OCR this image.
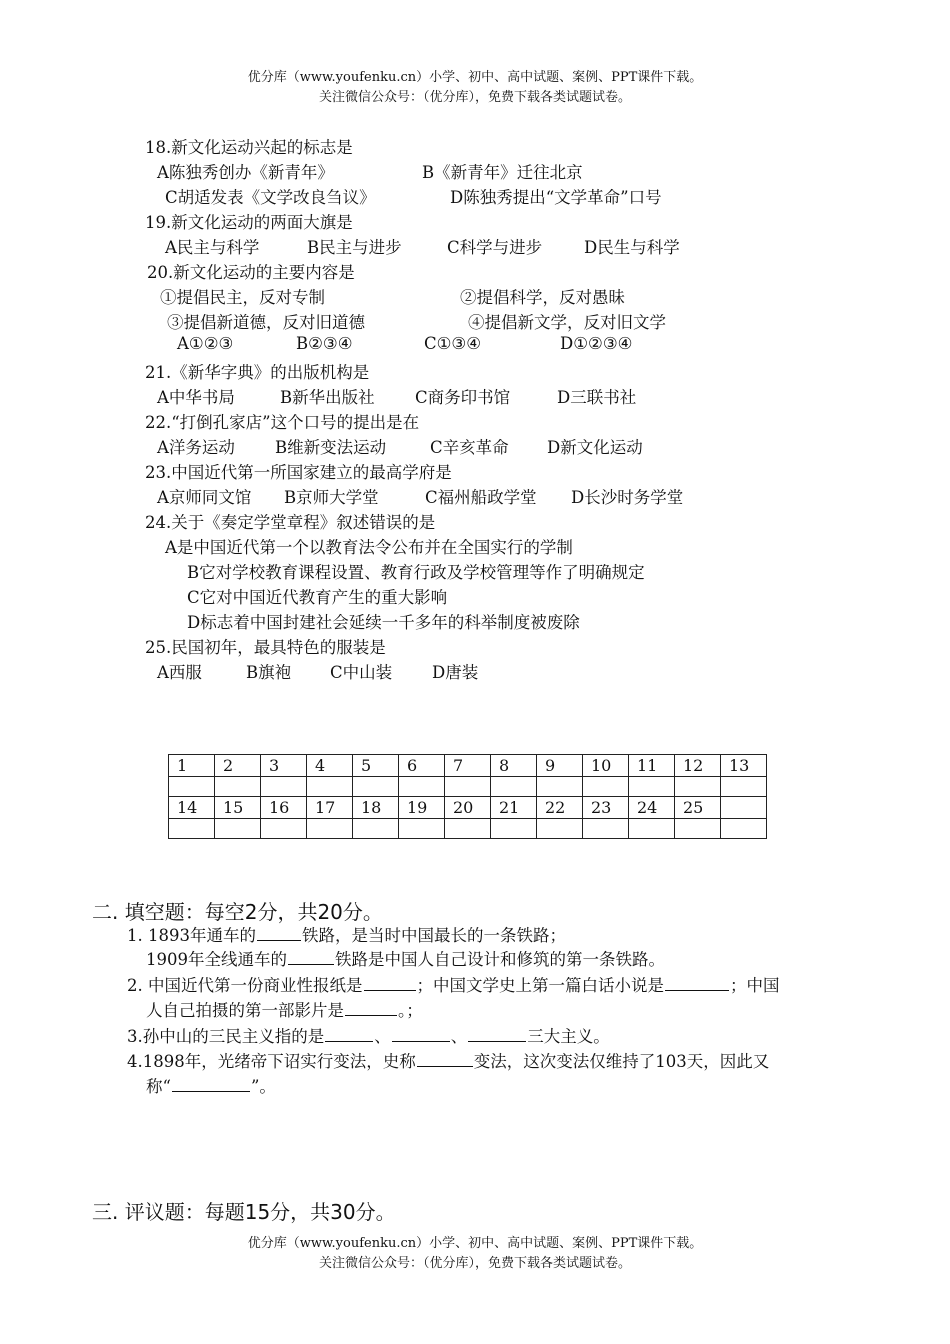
优分库（www.youfenku.cn）小学、初中、高中试题、案例、PPT课件下载。
关注微信公众号：（优分库），免费下载各类试题试卷。
18.新文化运动兴起的标志是
A陈独秀创办《新青年》	B《新青年》迁往北京
C胡适发表《文学改良刍议》	D陈独秀提出“文学革命”口号
19.新文化运动的两面大旗是
A民主与科学	B民主与进步	C科学与进步	D民生与科学
20.新文化运动的主要内容是
①提倡民主，反对专制	②提倡科学，反对愚昧
③提倡新道德，反对旧道德	④提倡新文学，反对旧文学
A①②③	B②③④	C①③④	D①②③④
21.《新华字典》的出版机构是
A中华书局	B新华出版社 C商务印书馆	D三联书社
22.“打倒孔家店”这个口号的提出是在
A洋务运动 B维新变法运动	C辛亥革命 D新文化运动
23.中国近代第一所国家建立的最高学府是
A京师同文馆 B京师大学堂	C福州船政学堂 D长沙时务学堂
24.关于《奏定学堂章程》叙述错误的是
A是中国近代第一个以教育法令公布并在全国实行的学制
B它对学校教育课程设置、教育行政及学校管理等作了明确规定
C它对中国近代教育产生的重大影响
D标志着中国封建社会延续一千多年的科举制度被废除
25.民国初年，最具特色的服装是
A西服	B旗袍 C中山装 D唐装
1	2	3	4	5	6	7	8	9	10	11	12	13

14	15	16	17	18	19	20	21	22	23	24	25	

二. 填空题：每空2分，共20分。
1. 1893年通车的	铁路，是当时中国最长的一条铁路；
1909年全线通车的	铁路是中国人自己设计和修筑的第一条铁路。
2. 中国近代第一份商业性报纸是	；中国文学史上第一篇白话小说是	；中国
人自己拍摄的第一部影片是	。；
3.孙中山的三民主义指的是	、	、	三大主义。
4.1898年，光绪帝下诏实行变法，史称	变法，这次变法仅维持了103天，因此又
称“	”。
三. 评议题：每题15分，共30分。
优分库（www.youfenku.cn）小学、初中、高中试题、案例、PPT课件下载。
关注微信公众号：（优分库），免费下载各类试题试卷。
